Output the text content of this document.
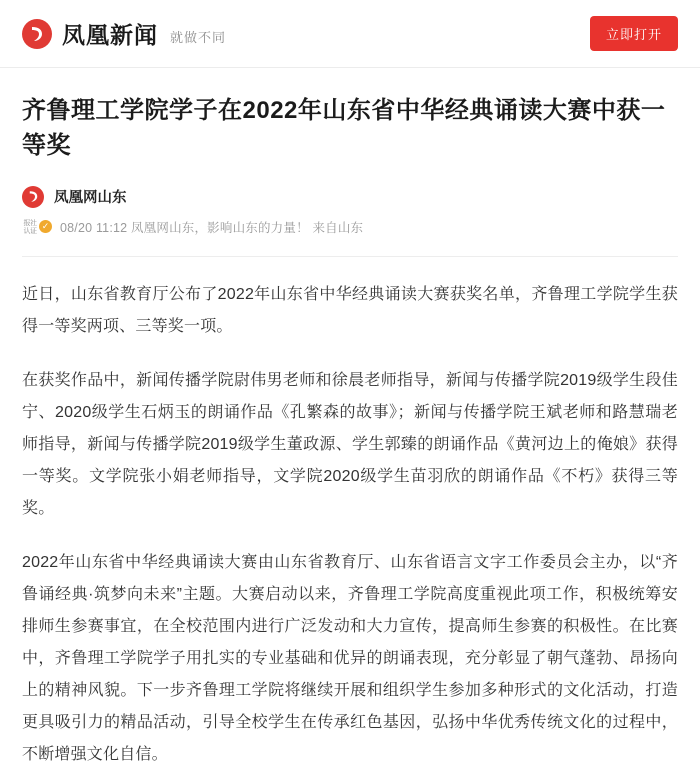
凤凰新闻 就做不同	立即打开
齐鲁理工学院学子在2022年山东省中华经典诵读大赛中获一等奖
凤凰网山东
报社
认证
✓ 08/20 11:12 凤凰网山东，影响山东的力量！ 来自山东

近日，山东省教育厅公布了2022年山东省中华经典诵读大赛获奖名单，齐鲁理工学院学生获得一等奖两项、三等奖一项。

在获奖作品中，新闻传播学院尉伟男老师和徐晨老师指导，新闻与传播学院2019级学生段佳宁、2020级学生石炳玉的朗诵作品《孔繁森的故事》；新闻与传播学院王斌老师和路慧瑞老师指导，新闻与传播学院2019级学生董政源、学生郭臻的朗诵作品《黄河边上的俺娘》获得一等奖。文学院张小娟老师指导，文学院2020级学生苗羽欣的朗诵作品《不朽》获得三等奖。

2022年山东省中华经典诵读大赛由山东省教育厅、山东省语言文字工作委员会主办，以“齐鲁诵经典·筑梦向未来”主题。大赛启动以来，齐鲁理工学院高度重视此项工作，积极统筹安排师生参赛事宜，在全校范围内进行广泛发动和大力宣传，提高师生参赛的积极性。在比赛中，齐鲁理工学院学子用扎实的专业基础和优异的朗诵表现，充分彰显了朝气蓬勃、昂扬向上的精神风貌。下一步齐鲁理工学院将继续开展和组织学生参加多种形式的文化活动，打造更具吸引力的精品活动，引导全校学生在传承红色基因，弘扬中华优秀传统文化的过程中，不断增强文化自信。
